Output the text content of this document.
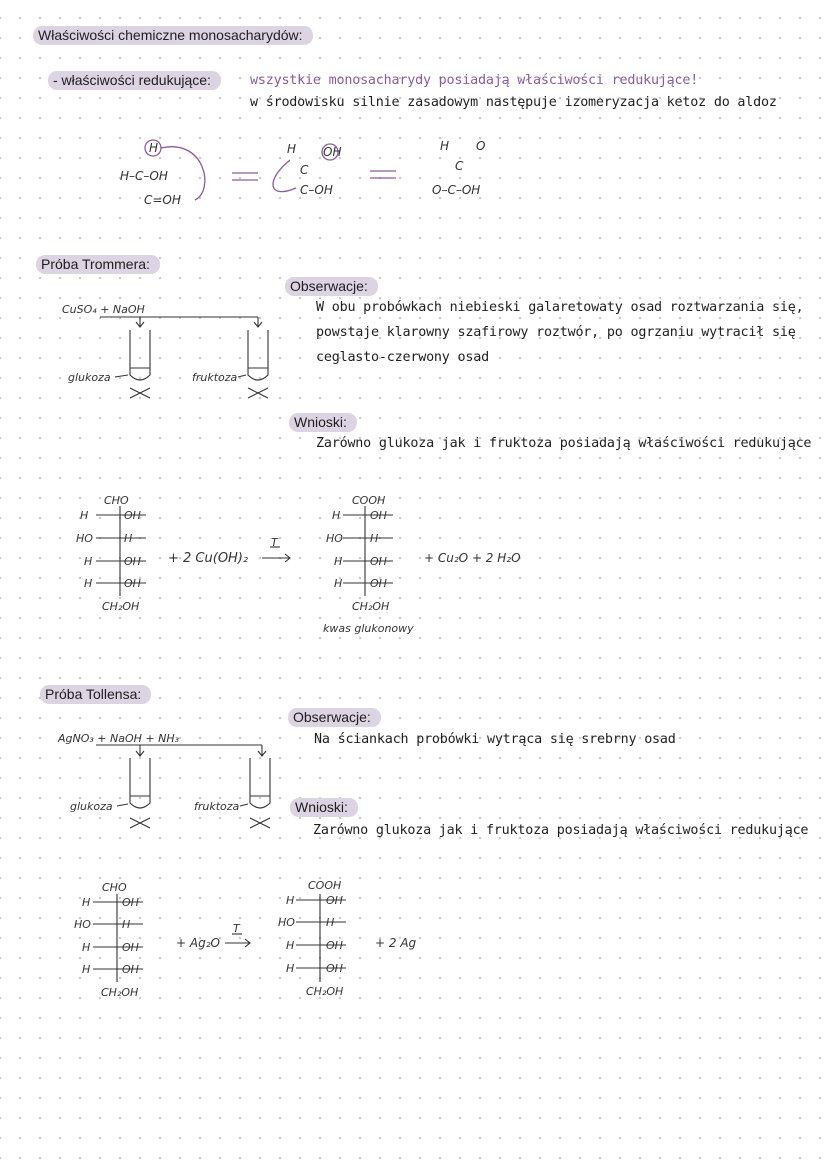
Właściwości chemiczne monosacharydów:
- właściwości redukujące:	wszystkie monosacharydy posiadają właściwości redukujące!
w środowisku silnie zasadowym następuje izomeryzacja ketoz do aldoz
H
H–C–OH
C=OH
H OH
C
C–OH
H O
C
O–C–OH
Próba Trommera:
Obserwacje:
W obu probówkach niebieski galaretowaty osad roztwarzania się,
powstaje klarowny szafirowy roztwór, po ogrzaniu wytracił się
ceglasto-czerwony osad
Wnioski:
Zarówno glukoza jak i fruktoza posiadają właściwości redukujące
CuSO₄ + NaOH
glukoza	fruktoza
CHO
H	OH
HO	H
H	OH
H	OH
CH₂OH
+ 2 Cu(OH)₂
T
COOH
H	OH
HO H
H	OH
H	OH
CH₂OH
kwas glukonowy
+ Cu₂O + 2 H₂O
Próba Tollensa:
Obserwacje:
Na ściankach probówki wytrąca się srebrny osad
Wnioski:
Zarówno glukoza jak i fruktoza posiadają właściwości redukujące
AgNO₃ + NaOH + NH₃
glukoza	fruktoza
CHO
H	OH
HO	H
H	OH
H	OH
CH₂OH
+ Ag₂O
T
COOH
H	OH
HO	H
H	OH
H	OH
CH₂OH
+ 2 Ag
